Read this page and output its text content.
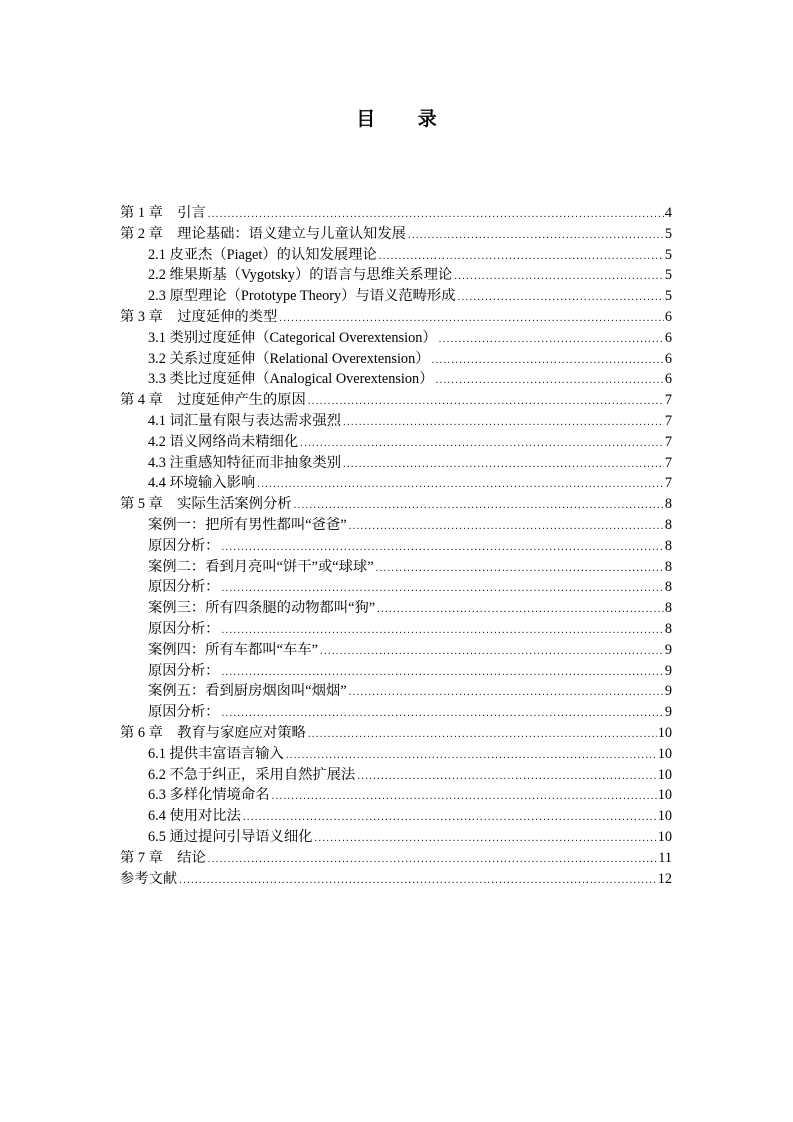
目 录
第 1 章　引言 .....	4
第 2 章　理论基础：语义建立与儿童认知发展 .....	5
2.1 皮亚杰（Piaget）的认知发展理论 .....	5
2.2 维果斯基（Vygotsky）的语言与思维关系理论 .....	5
2.3 原型理论（Prototype Theory）与语义范畴形成 .....	5
第 3 章　过度延伸的类型 .....	6
3.1 类别过度延伸（Categorical Overextension） .....	6
3.2 关系过度延伸（Relational Overextension） .....	6
3.3 类比过度延伸（Analogical Overextension） .....	6
第 4 章　过度延伸产生的原因 .....	7
4.1 词汇量有限与表达需求强烈 .....	7
4.2 语义网络尚未精细化 .....	7
4.3 注重感知特征而非抽象类别 .....	7
4.4 环境输入影响 .....	7
第 5 章　实际生活案例分析 .....	8
案例一：把所有男性都叫“爸爸” .....	8
原因分析： .....	8
案例二：看到月亮叫“饼干”或“球球” .....	8
原因分析： .....	8
案例三：所有四条腿的动物都叫“狗” .....	8
原因分析： .....	8
案例四：所有车都叫“车车” .....	9
原因分析： .....	9
案例五：看到厨房烟囱叫“烟烟” .....	9
原因分析： .....	9
第 6 章　教育与家庭应对策略 .....	10
6.1 提供丰富语言输入 .....	10
6.2 不急于纠正，采用自然扩展法 .....	10
6.3 多样化情境命名 .....	10
6.4 使用对比法 .....	10
6.5 通过提问引导语义细化 .....	10
第 7 章　结论 .....	11
参考文献 .....	12
